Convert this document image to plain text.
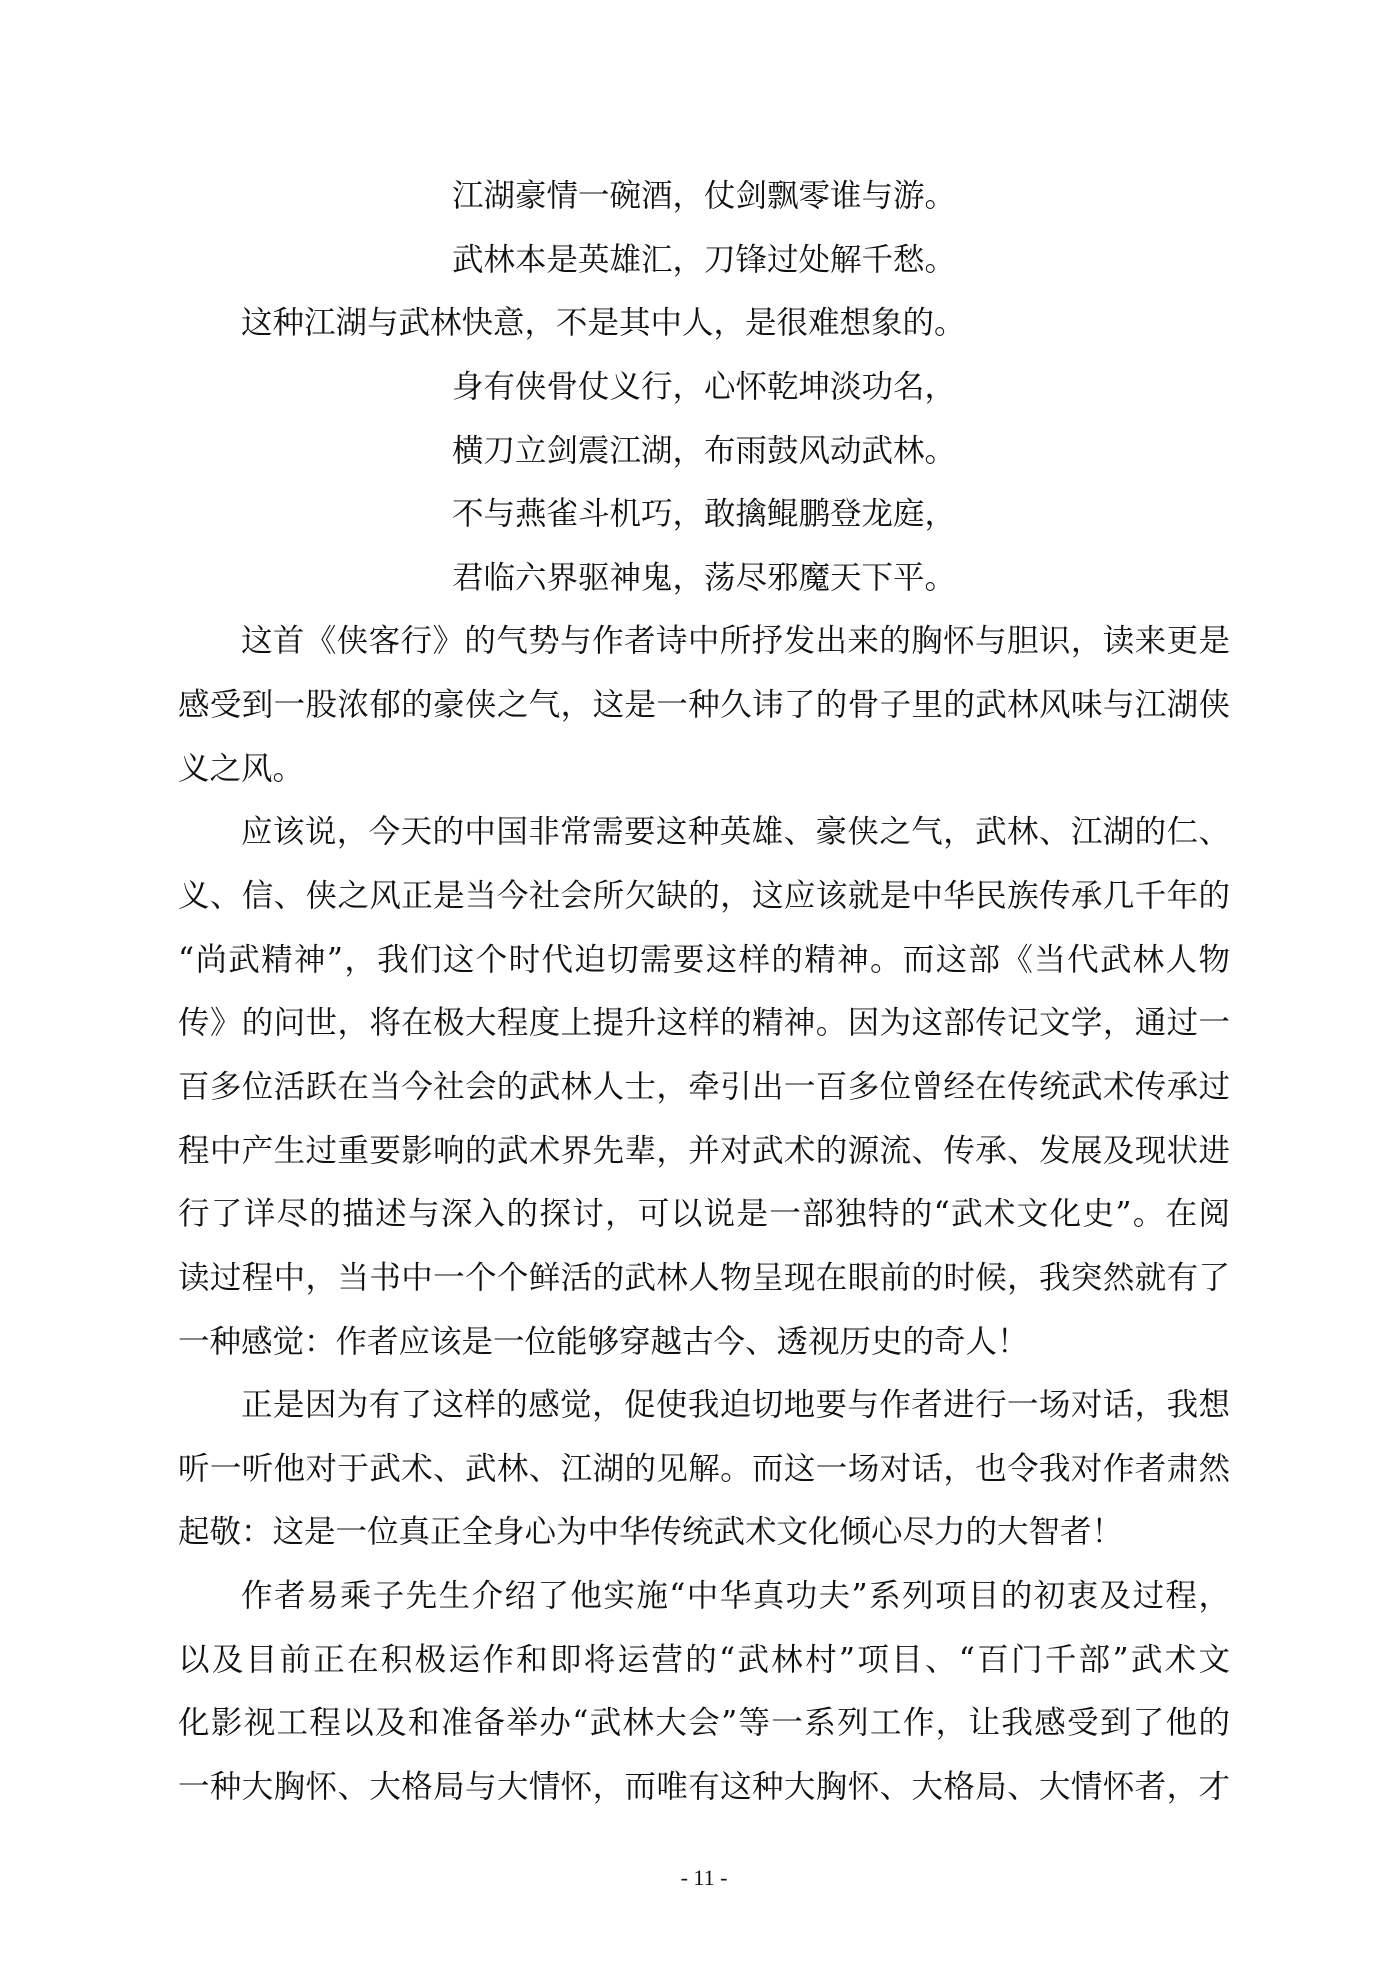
江湖豪情一碗酒，仗剑飘零谁与游。
武林本是英雄汇，刀锋过处解千愁。
这种江湖与武林快意，不是其中人，是很难想象的。
身有侠骨仗义行，心怀乾坤淡功名，
横刀立剑震江湖，布雨鼓风动武林。
不与燕雀斗机巧，敢擒鲲鹏登龙庭，
君临六界驱神鬼，荡尽邪魔天下平。
这首《侠客行》的气势与作者诗中所抒发出来的胸怀与胆识，读来更是
感受到一股浓郁的豪侠之气，这是一种久讳了的骨子里的武林风味与江湖侠
义之风。
应该说，今天的中国非常需要这种英雄、豪侠之气，武林、江湖的仁、
义、信、侠之风正是当今社会所欠缺的，这应该就是中华民族传承几千年的
“尚武精神”，我们这个时代迫切需要这样的精神。而这部《当代武林人物
传》的问世，将在极大程度上提升这样的精神。因为这部传记文学，通过一
百多位活跃在当今社会的武林人士，牵引出一百多位曾经在传统武术传承过
程中产生过重要影响的武术界先辈，并对武术的源流、传承、发展及现状进
行了详尽的描述与深入的探讨，可以说是一部独特的“武术文化史”。在阅
读过程中，当书中一个个鲜活的武林人物呈现在眼前的时候，我突然就有了
一种感觉：作者应该是一位能够穿越古今、透视历史的奇人！
正是因为有了这样的感觉，促使我迫切地要与作者进行一场对话，我想
听一听他对于武术、武林、江湖的见解。而这一场对话，也令我对作者肃然
起敬：这是一位真正全身心为中华传统武术文化倾心尽力的大智者！
作者易乘子先生介绍了他实施“中华真功夫”系列项目的初衷及过程，
以及目前正在积极运作和即将运营的“武林村”项目、“百门千部”武术文
化影视工程以及和准备举办“武林大会”等一系列工作，让我感受到了他的
一种大胸怀、大格局与大情怀，而唯有这种大胸怀、大格局、大情怀者，才
- 11 -
